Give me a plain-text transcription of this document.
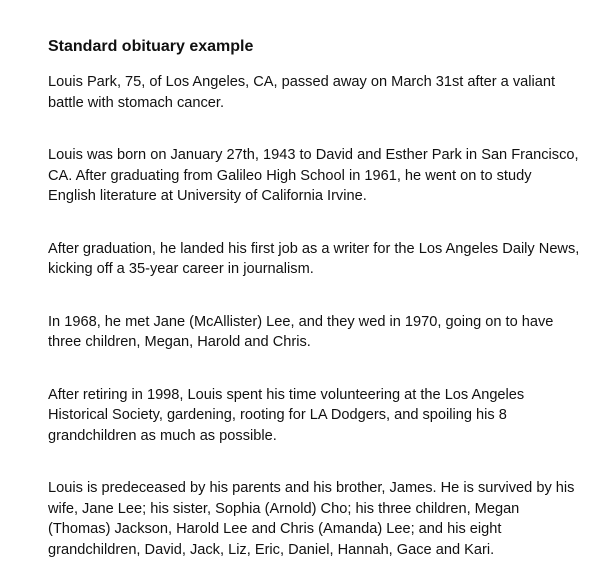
Standard obituary example

Louis Park, 75, of Los Angeles, CA, passed away on March 31st after a valiant battle with stomach cancer.

Louis was born on January 27th, 1943 to David and Esther Park in San Francisco, CA. After graduating from Galileo High School in 1961, he went on to study English literature at University of California Irvine.

After graduation, he landed his first job as a writer for the Los Angeles Daily News, kicking off a 35-year career in journalism.

In 1968, he met Jane (McAllister) Lee, and they wed in 1970, going on to have three children, Megan, Harold and Chris.

After retiring in 1998, Louis spent his time volunteering at the Los Angeles Historical Society, gardening, rooting for LA Dodgers, and spoiling his 8 grandchildren as much as possible.

Louis is predeceased by his parents and his brother, James. He is survived by his wife, Jane Lee; his sister, Sophia (Arnold) Cho; his three children, Megan (Thomas) Jackson, Harold Lee and Chris (Amanda) Lee; and his eight grandchildren, David, Jack, Liz, Eric, Daniel, Hannah, Gace and Kari.
